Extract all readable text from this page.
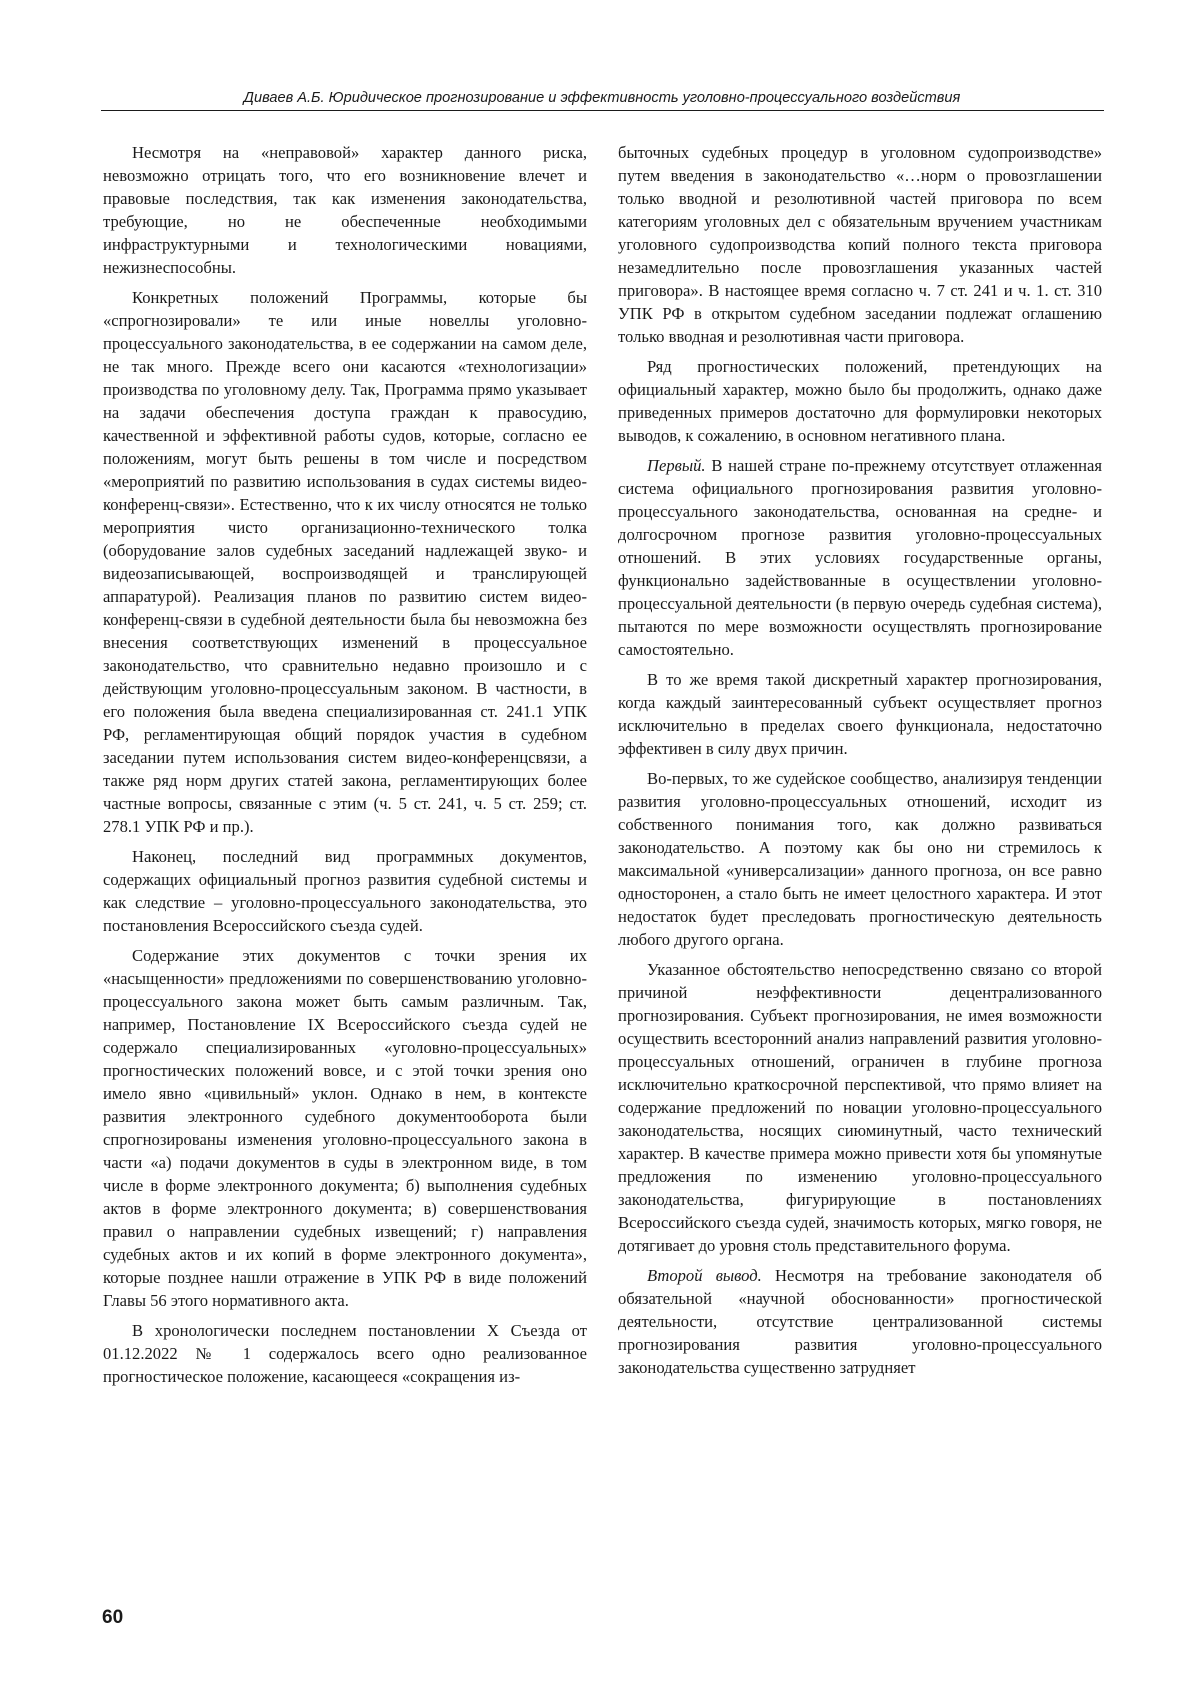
Диваев А.Б. Юридическое прогнозирование и эффективность уголовно-процессуального воздействия

Несмотря на «неправовой» характер данного риска, невозможно отрицать того, что его возникновение влечет и правовые последствия, так как изменения законодательства, требующие, но не обеспеченные необходимыми инфраструктурными и технологическими новациями, нежизнеспособны.

Конкретных положений Программы, которые бы «спрогнозировали» те или иные новеллы уголовно-процессуального законодательства, в ее содержании на самом деле, не так много. Прежде всего они касаются «технологизации» производства по уголовному делу. Так, Программа прямо указывает на задачи обеспечения доступа граждан к правосудию, качественной и эффективной работы судов, которые, согласно ее положениям, могут быть решены в том числе и посредством «мероприятий по развитию использования в судах системы видео-конференц-связи». Естественно, что к их числу относятся не только мероприятия чисто организационно-технического толка (оборудование залов судебных заседаний надлежащей звуко- и видеозаписывающей, воспроизводящей и транслирующей аппаратурой). Реализация планов по развитию систем видео-конференц-связи в судебной деятельности была бы невозможна без внесения соответствующих изменений в процессуальное законодательство, что сравнительно недавно произошло и с действующим уголовно-процессуальным законом. В частности, в его положения была введена специализированная ст. 241.1 УПК РФ, регламентирующая общий порядок участия в судебном заседании путем использования систем видео-конференцсвязи, а также ряд норм других статей закона, регламентирующих более частные вопросы, связанные с этим (ч. 5 ст. 241, ч. 5 ст. 259; ст. 278.1 УПК РФ и пр.).

Наконец, последний вид программных документов, содержащих официальный прогноз развития судебной системы и как следствие – уголовно-процессуального законодательства, это постановления Всероссийского съезда судей.

Содержание этих документов с точки зрения их «насыщенности» предложениями по совершенствованию уголовно-процессуального закона может быть самым различным. Так, например, Постановление IX Всероссийского съезда судей не содержало специализированных «уголовно-процессуальных» прогностических положений вовсе, и с этой точки зрения оно имело явно «цивильный» уклон. Однако в нем, в контексте развития электронного судебного документооборота были спрогнозированы изменения уголовно-процессуального закона в части «а) подачи документов в суды в электронном виде, в том числе в форме электронного документа; б) выполнения судебных актов в форме электронного документа; в) совершенствования правил о направлении судебных извещений; г) направления судебных актов и их копий в форме электронного документа», которые позднее нашли отражение в УПК РФ в виде положений Главы 56 этого нормативного акта.

В хронологически последнем постановлении X Съезда от 01.12.2022 № 1 содержалось всего одно реализованное прогностическое положение, касающееся «сокращения из-

быточных судебных процедур в уголовном судопроизводстве» путем введения в законодательство «…норм о провозглашении только вводной и резолютивной частей приговора по всем категориям уголовных дел с обязательным вручением участникам уголовного судопроизводства копий полного текста приговора незамедлительно после провозглашения указанных частей приговора». В настоящее время согласно ч. 7 ст. 241 и ч. 1. ст. 310 УПК РФ в открытом судебном заседании подлежат оглашению только вводная и резолютивная части приговора.

Ряд прогностических положений, претендующих на официальный характер, можно было бы продолжить, однако даже приведенных примеров достаточно для формулировки некоторых выводов, к сожалению, в основном негативного плана.

Первый. В нашей стране по-прежнему отсутствует отлаженная система официального прогнозирования развития уголовно-процессуального законодательства, основанная на средне- и долгосрочном прогнозе развития уголовно-процессуальных отношений. В этих условиях государственные органы, функционально задействованные в осуществлении уголовно-процессуальной деятельности (в первую очередь судебная система), пытаются по мере возможности осуществлять прогнозирование самостоятельно.

В то же время такой дискретный характер прогнозирования, когда каждый заинтересованный субъект осуществляет прогноз исключительно в пределах своего функционала, недостаточно эффективен в силу двух причин.

Во-первых, то же судейское сообщество, анализируя тенденции развития уголовно-процессуальных отношений, исходит из собственного понимания того, как должно развиваться законодательство. А поэтому как бы оно ни стремилось к максимальной «универсализации» данного прогноза, он все равно односторонен, а стало быть не имеет целостного характера. И этот недостаток будет преследовать прогностическую деятельность любого другого органа.

Указанное обстоятельство непосредственно связано со второй причиной неэффективности децентрализованного прогнозирования. Субъект прогнозирования, не имея возможности осуществить всесторонний анализ направлений развития уголовно-процессуальных отношений, ограничен в глубине прогноза исключительно краткосрочной перспективой, что прямо влияет на содержание предложений по новации уголовно-процессуального законодательства, носящих сиюминутный, часто технический характер. В качестве примера можно привести хотя бы упомянутые предложения по изменению уголовно-процессуального законодательства, фигурирующие в постановлениях Всероссийского съезда судей, значимость которых, мягко говоря, не дотягивает до уровня столь представительного форума.

Второй вывод. Несмотря на требование законодателя об обязательной «научной обоснованности» прогностической деятельности, отсутствие централизованной системы прогнозирования развития уголовно-процессуального законодательства существенно затрудняет

60
